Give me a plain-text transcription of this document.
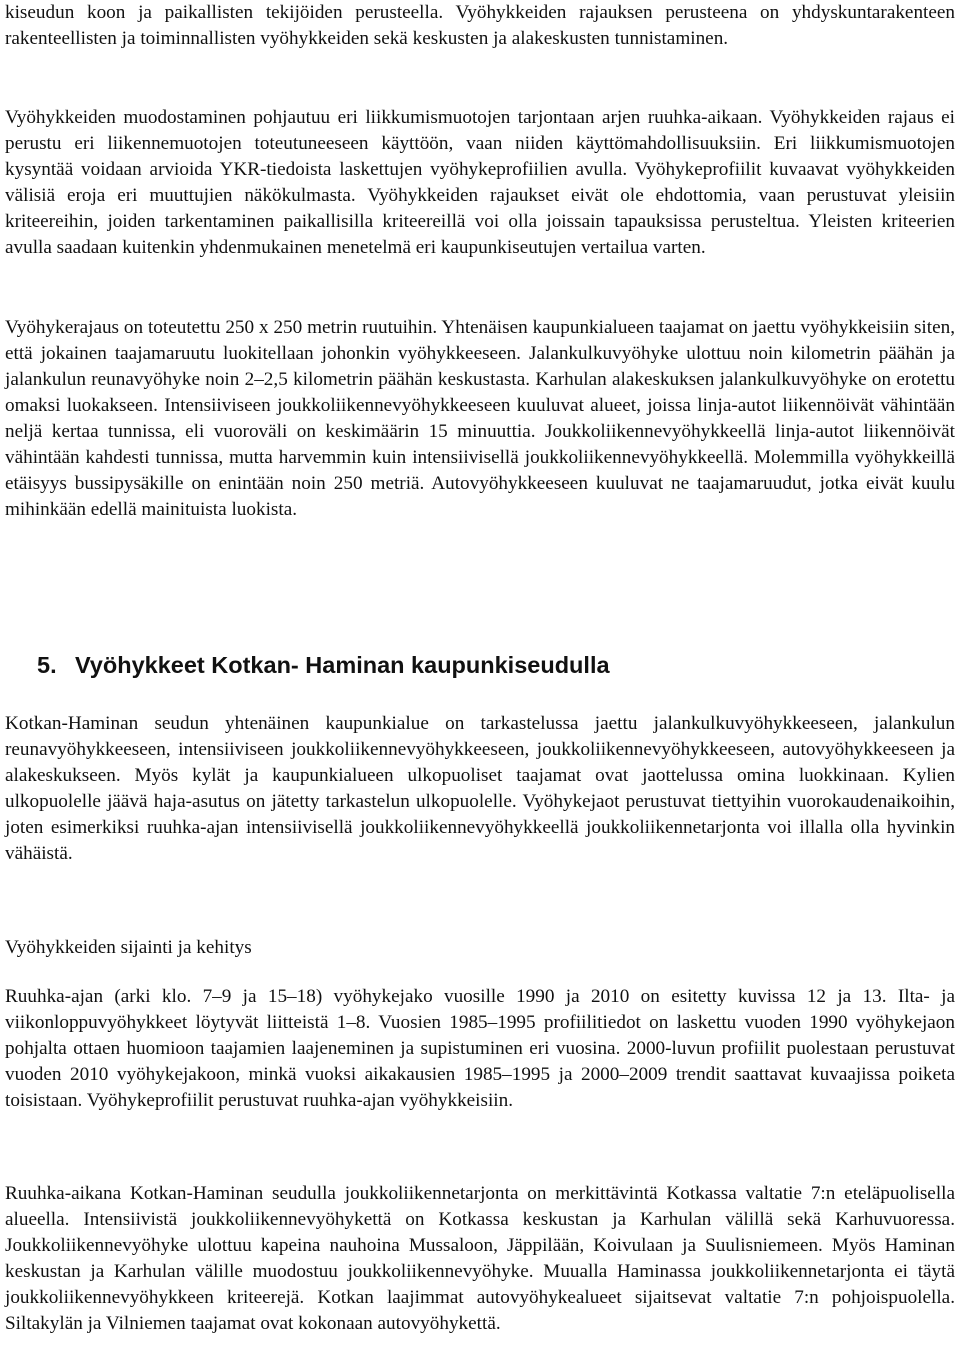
kiseudun koon ja paikallisten tekijöiden perusteella. Vyöhykkeiden rajauksen perusteena on yhdyskuntarakenteen rakenteellisten ja toiminnallisten vyöhykkeiden sekä keskusten ja alakeskusten tunnistaminen.

Vyöhykkeiden muodostaminen pohjautuu eri liikkumismuotojen tarjontaan arjen ruuhka-aikaan. Vyöhykkeiden rajaus ei perustu eri liikennemuotojen toteutuneeseen käyttöön, vaan niiden käyttömahdollisuuksiin. Eri liikkumismuotojen kysyntää voidaan arvioida YKR-tiedoista laskettujen vyöhykeprofiilien avulla. Vyöhykeprofiilit kuvaavat vyöhykkeiden välisiä eroja eri muuttujien näkökulmasta. Vyöhykkeiden rajaukset eivät ole ehdottomia, vaan perustuvat yleisiin kriteereihin, joiden tarkentaminen paikallisilla kriteereillä voi olla joissain tapauksissa perusteltua. Yleisten kriteerien avulla saadaan kuitenkin yhdenmukainen menetelmä eri kaupunkiseutujen vertailua varten.

Vyöhykerajaus on toteutettu 250 x 250 metrin ruutuihin. Yhtenäisen kaupunkialueen taajamat on jaettu vyöhykkeisiin siten, että jokainen taajamaruutu luokitellaan johonkin vyöhykkeeseen. Jalankulkuvyöhyke ulottuu noin kilometrin päähän ja jalankulun reunavyöhyke noin 2–2,5 kilometrin päähän keskustasta. Karhulan alakeskuksen jalankulkuvyöhyke on erotettu omaksi luokakseen. Intensiiviseen joukkoliikennevyöhykkeeseen kuuluvat alueet, joissa linja-autot liikennöivät vähintään neljä kertaa tunnissa, eli vuoroväli on keskimäärin 15 minuuttia. Joukkoliikennevyöhykkeellä linja-autot liikennöivät vähintään kahdesti tunnissa, mutta harvemmin kuin intensiivisellä joukkoliikennevyöhykkeellä. Molemmilla vyöhykkeillä etäisyys bussipysäkille on enintään noin 250 metriä. Autovyöhykkeeseen kuuluvat ne taajamaruudut, jotka eivät kuulu mihinkään edellä mainituista luokista.

5. Vyöhykkeet Kotkan- Haminan kaupunkiseudulla

Kotkan-Haminan seudun yhtenäinen kaupunkialue on tarkastelussa jaettu jalankulkuvyöhykkeeseen, jalankulun reunavyöhykkeeseen, intensiiviseen joukkoliikennevyöhykkeeseen, joukkoliikennevyöhykkeeseen, autovyöhykkeeseen ja alakeskukseen. Myös kylät ja kaupunkialueen ulkopuoliset taajamat ovat jaottelussa omina luokkinaan. Kylien ulkopuolelle jäävä haja-asutus on jätetty tarkastelun ulkopuolelle. Vyöhykejaot perustuvat tiettyihin vuorokaudenaikoihin, joten esimerkiksi ruuhka-ajan intensiivisellä joukkoliikennevyöhykkeellä joukkoliikennetarjonta voi illalla olla hyvinkin vähäistä.

Vyöhykkeiden sijainti ja kehitys

Ruuhka-ajan (arki klo. 7–9 ja 15–18) vyöhykejako vuosille 1990 ja 2010 on esitetty kuvissa 12 ja 13. Ilta- ja viikonloppuvyöhykkeet löytyvät liitteistä 1–8. Vuosien 1985–1995 profiilitiedot on laskettu vuoden 1990 vyöhykejaon pohjalta ottaen huomioon taajamien laajeneminen ja supistuminen eri vuosina. 2000-luvun profiilit puolestaan perustuvat vuoden 2010 vyöhykejakoon, minkä vuoksi aikakausien 1985–1995 ja 2000–2009 trendit saattavat kuvaajissa poiketa toisistaan. Vyöhykeprofiilit perustuvat ruuhka-ajan vyöhykkeisiin.

Ruuhka-aikana Kotkan-Haminan seudulla joukkoliikennetarjonta on merkittävintä Kotkassa valtatie 7:n eteläpuolisella alueella. Intensiivistä joukkoliikennevyöhykettä on Kotkassa keskustan ja Karhulan välillä sekä Karhuvuoressa. Joukkoliikennevyöhyke ulottuu kapeina nauhoina Mussaloon, Jäppilään, Koivulaan ja Suulisniemeen. Myös Haminan keskustan ja Karhulan välille muodostuu joukkoliikennevyöhyke. Muualla Haminassa joukkoliikennetarjonta ei täytä joukkoliikennevyöhykkeen kriteerejä. Kotkan laajimmat autovyöhykealueet sijaitsevat valtatie 7:n pohjoispuolella. Siltakylän ja Vilniemen taajamat ovat kokonaan autovyöhykettä.
